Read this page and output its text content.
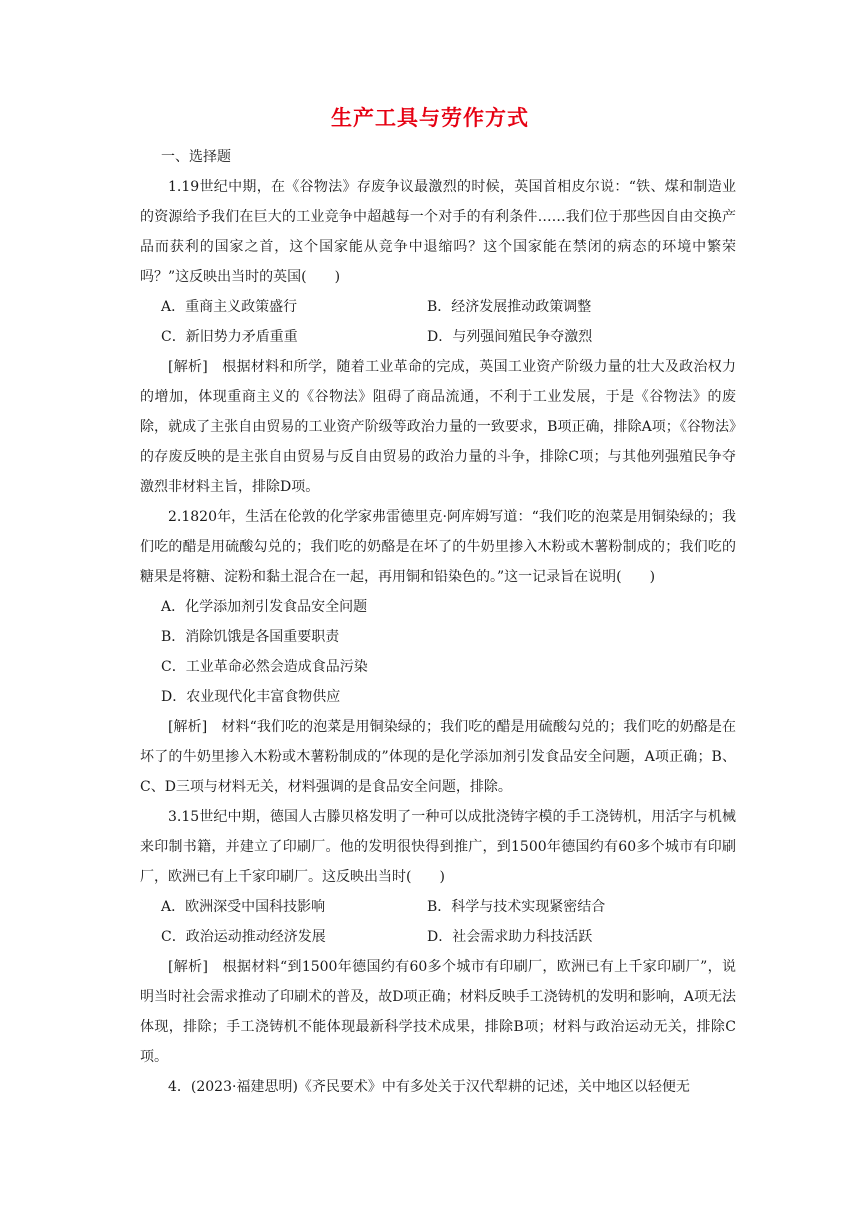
生产工具与劳作方式

一、选择题

1.19世纪中期，在《谷物法》存废争议最激烈的时候，英国首相皮尔说：“铁、煤和制造业的资源给予我们在巨大的工业竞争中超越每一个对手的有利条件……我们位于那些因自由交换产品而获利的国家之首，这个国家能从竞争中退缩吗？这个国家能在禁闭的病态的环境中繁荣吗？”这反映出当时的英国(　　)

A．重商主义政策盛行	B．经济发展推动政策调整
C．新旧势力矛盾重重	D．与列强间殖民争夺激烈

[解析]　根据材料和所学，随着工业革命的完成，英国工业资产阶级力量的壮大及政治权力的增加，体现重商主义的《谷物法》阻碍了商品流通，不利于工业发展，于是《谷物法》的废除，就成了主张自由贸易的工业资产阶级等政治力量的一致要求，B项正确，排除A项；《谷物法》的存废反映的是主张自由贸易与反自由贸易的政治力量的斗争，排除C项；与其他列强殖民争夺激烈非材料主旨，排除D项。

2.1820年，生活在伦敦的化学家弗雷德里克·阿库姆写道：“我们吃的泡菜是用铜染绿的；我们吃的醋是用硫酸勾兑的；我们吃的奶酪是在坏了的牛奶里掺入木粉或木薯粉制成的；我们吃的糖果是将糖、淀粉和黏土混合在一起，再用铜和铅染色的。”这一记录旨在说明(　　)

A．化学添加剂引发食品安全问题
B．消除饥饿是各国重要职责
C．工业革命必然会造成食品污染
D．农业现代化丰富食物供应

[解析]　材料“我们吃的泡菜是用铜染绿的；我们吃的醋是用硫酸勾兑的；我们吃的奶酪是在坏了的牛奶里掺入木粉或木薯粉制成的”体现的是化学添加剂引发食品安全问题，A项正确；B、C、D三项与材料无关，材料强调的是食品安全问题，排除。

3.15世纪中期，德国人古滕贝格发明了一种可以成批浇铸字模的手工浇铸机，用活字与机械来印制书籍，并建立了印刷厂。他的发明很快得到推广，到1500年德国约有60多个城市有印刷厂，欧洲已有上千家印刷厂。这反映出当时(　　)

A．欧洲深受中国科技影响	B．科学与技术实现紧密结合
C．政治运动推动经济发展	D．社会需求助力科技活跃

[解析]　根据材料“到1500年德国约有60多个城市有印刷厂，欧洲已有上千家印刷厂”，说明当时社会需求推动了印刷术的普及，故D项正确；材料反映手工浇铸机的发明和影响，A项无法体现，排除；手工浇铸机不能体现最新科学技术成果，排除B项；材料与政治运动无关，排除C项。

4．(2023·福建思明)《齐民要术》中有多处关于汉代犁耕的记述，关中地区以轻便无
